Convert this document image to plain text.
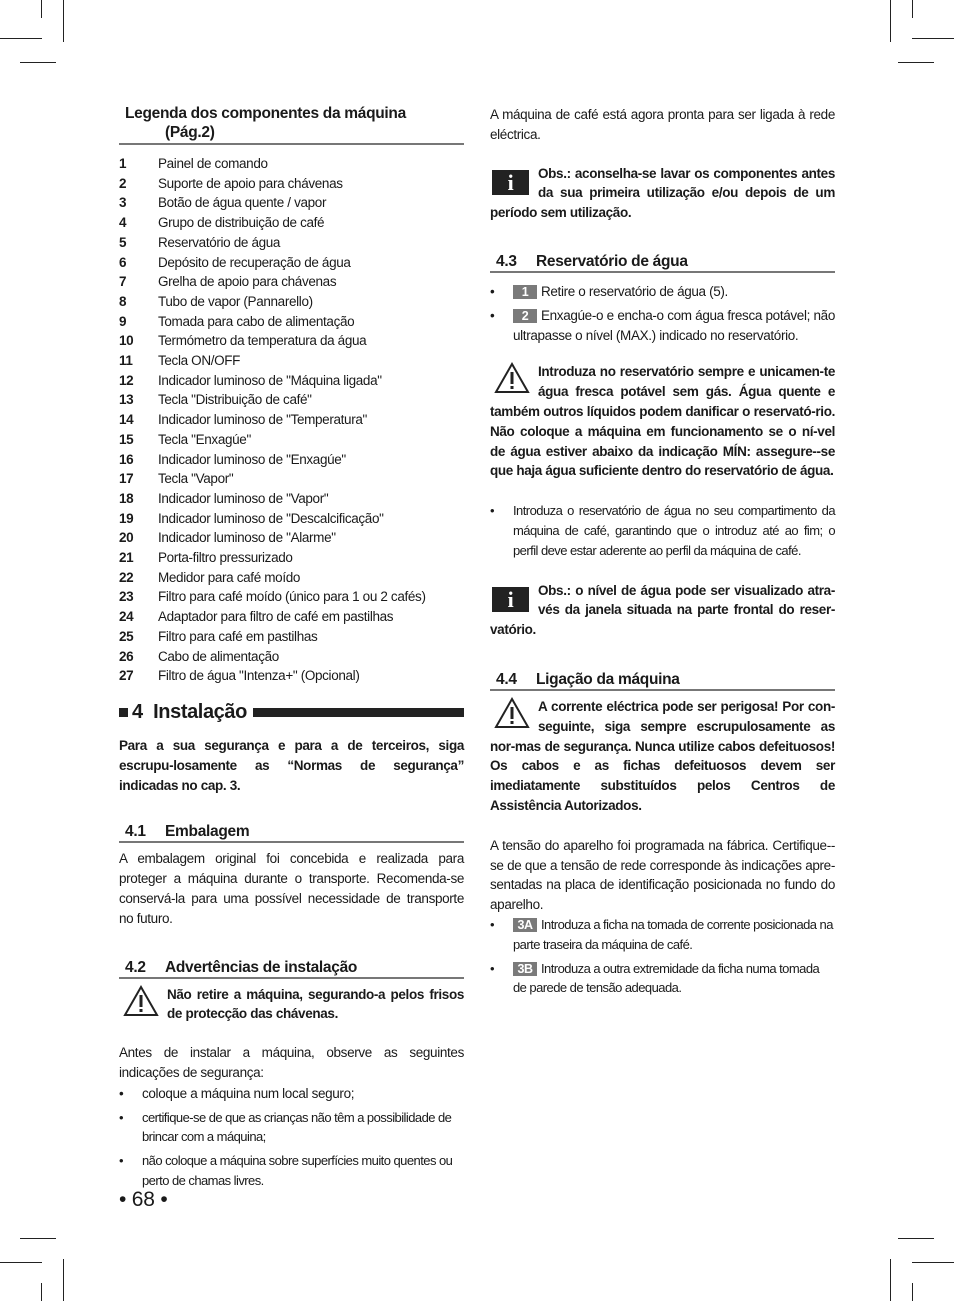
Legenda dos componentes da máquina
(Pág.2)
1	Painel de comando
2	Suporte de apoio para chávenas
3	Botão de água quente / vapor
4	Grupo de distribuição de café
5	Reservatório de água
6	Depósito de recuperação de água
7	Grelha de apoio para chávenas
8	Tubo de vapor (Pannarello)
9	Tomada para cabo de alimentação
10	Termómetro da temperatura da água
11	Tecla ON/OFF
12	Indicador luminoso de "Máquina ligada"
13	Tecla "Distribuição de café"
14	Indicador luminoso de "Temperatura"
15	Tecla "Enxagúe"
16	Indicador luminoso de "Enxagúe"
17	Tecla "Vapor"
18	Indicador luminoso de "Vapor"
19	Indicador luminoso de "Descalcificação"
20	Indicador luminoso de "Alarme"
21	Porta-filtro pressurizado
22	Medidor para café moído
23	Filtro para café moído (único para 1 ou 2 cafés)
24	Adaptador para filtro de café em pastilhas
25	Filtro para café em pastilhas
26	Cabo de alimentação
27	Filtro de água "Intenza+" (Opcional)
4 Instalação

Para a sua segurança e para a de terceiros, siga escrupu-losamente as “Normas de segurança” indicadas no cap. 3.

4.1 Embalagem

A embalagem original foi concebida e realizada para proteger a máquina durante o transporte. Recomenda-se conservá-la para uma possível necessidade de transporte no futuro.

4.2 Advertências de instalação
Não retire a máquina, segurando-a pelos frisos de protecção das chávenas.

Antes de instalar a máquina, observe as seguintes indicações de segurança:

• coloque a máquina num local seguro;
• certifique-se de que as crianças não têm a possibilidade de brincar com a máquina;
• não coloque a máquina sobre superfícies muito quentes ou perto de chamas livres.

A máquina de café está agora pronta para ser ligada à rede eléctrica.

i	Obs.: aconselha-se lavar os componentes antes da sua primeira utilização e/ou depois de um período sem utilização.
4.3 Reservatório de água
• 1 Retire o reservatório de água (5).
• 2 Enxagúe-o e encha-o com água fresca potável; não ultrapasse o nível (MAX.) indicado no reservatório.
Introduza no reservatório sempre e unicamen-te água fresca potável sem gás. Água quente e também outros líquidos podem danificar o reservató-rio. Não coloque a máquina em funcionamento se o ní-vel de água estiver abaixo da indicação MÍN: assegure--se que haja água suficiente dentro do reservatório de água.
• Introduza o reservatório de água no seu compartimento da máquina de café, garantindo que o introduz até ao fim; o perfil deve estar aderente ao perfil da máquina de café.
i	Obs.: o nível de água pode ser visualizado atra-vés da janela situada na parte frontal do reser-vatório.
4.4 Ligação da máquina
A corrente eléctrica pode ser perigosa! Por con-seguinte, siga sempre escrupulosamente as nor-mas de segurança. Nunca utilize cabos defeituosos! Os cabos e as fichas defeituosos devem ser imediatamente substituídos pelos Centros de Assistência Autorizados.

A tensão do aparelho foi programada na fábrica. Certifique--se de que a tensão de rede corresponde às indicações apre-sentadas na placa de identificação posicionada no fundo do aparelho.

• 3A Introduza a ficha na tomada de corrente posicionada na parte traseira da máquina de café.
• 3B Introduza a outra extremidade da ficha numa tomada de parede de tensão adequada.
• 68 •
